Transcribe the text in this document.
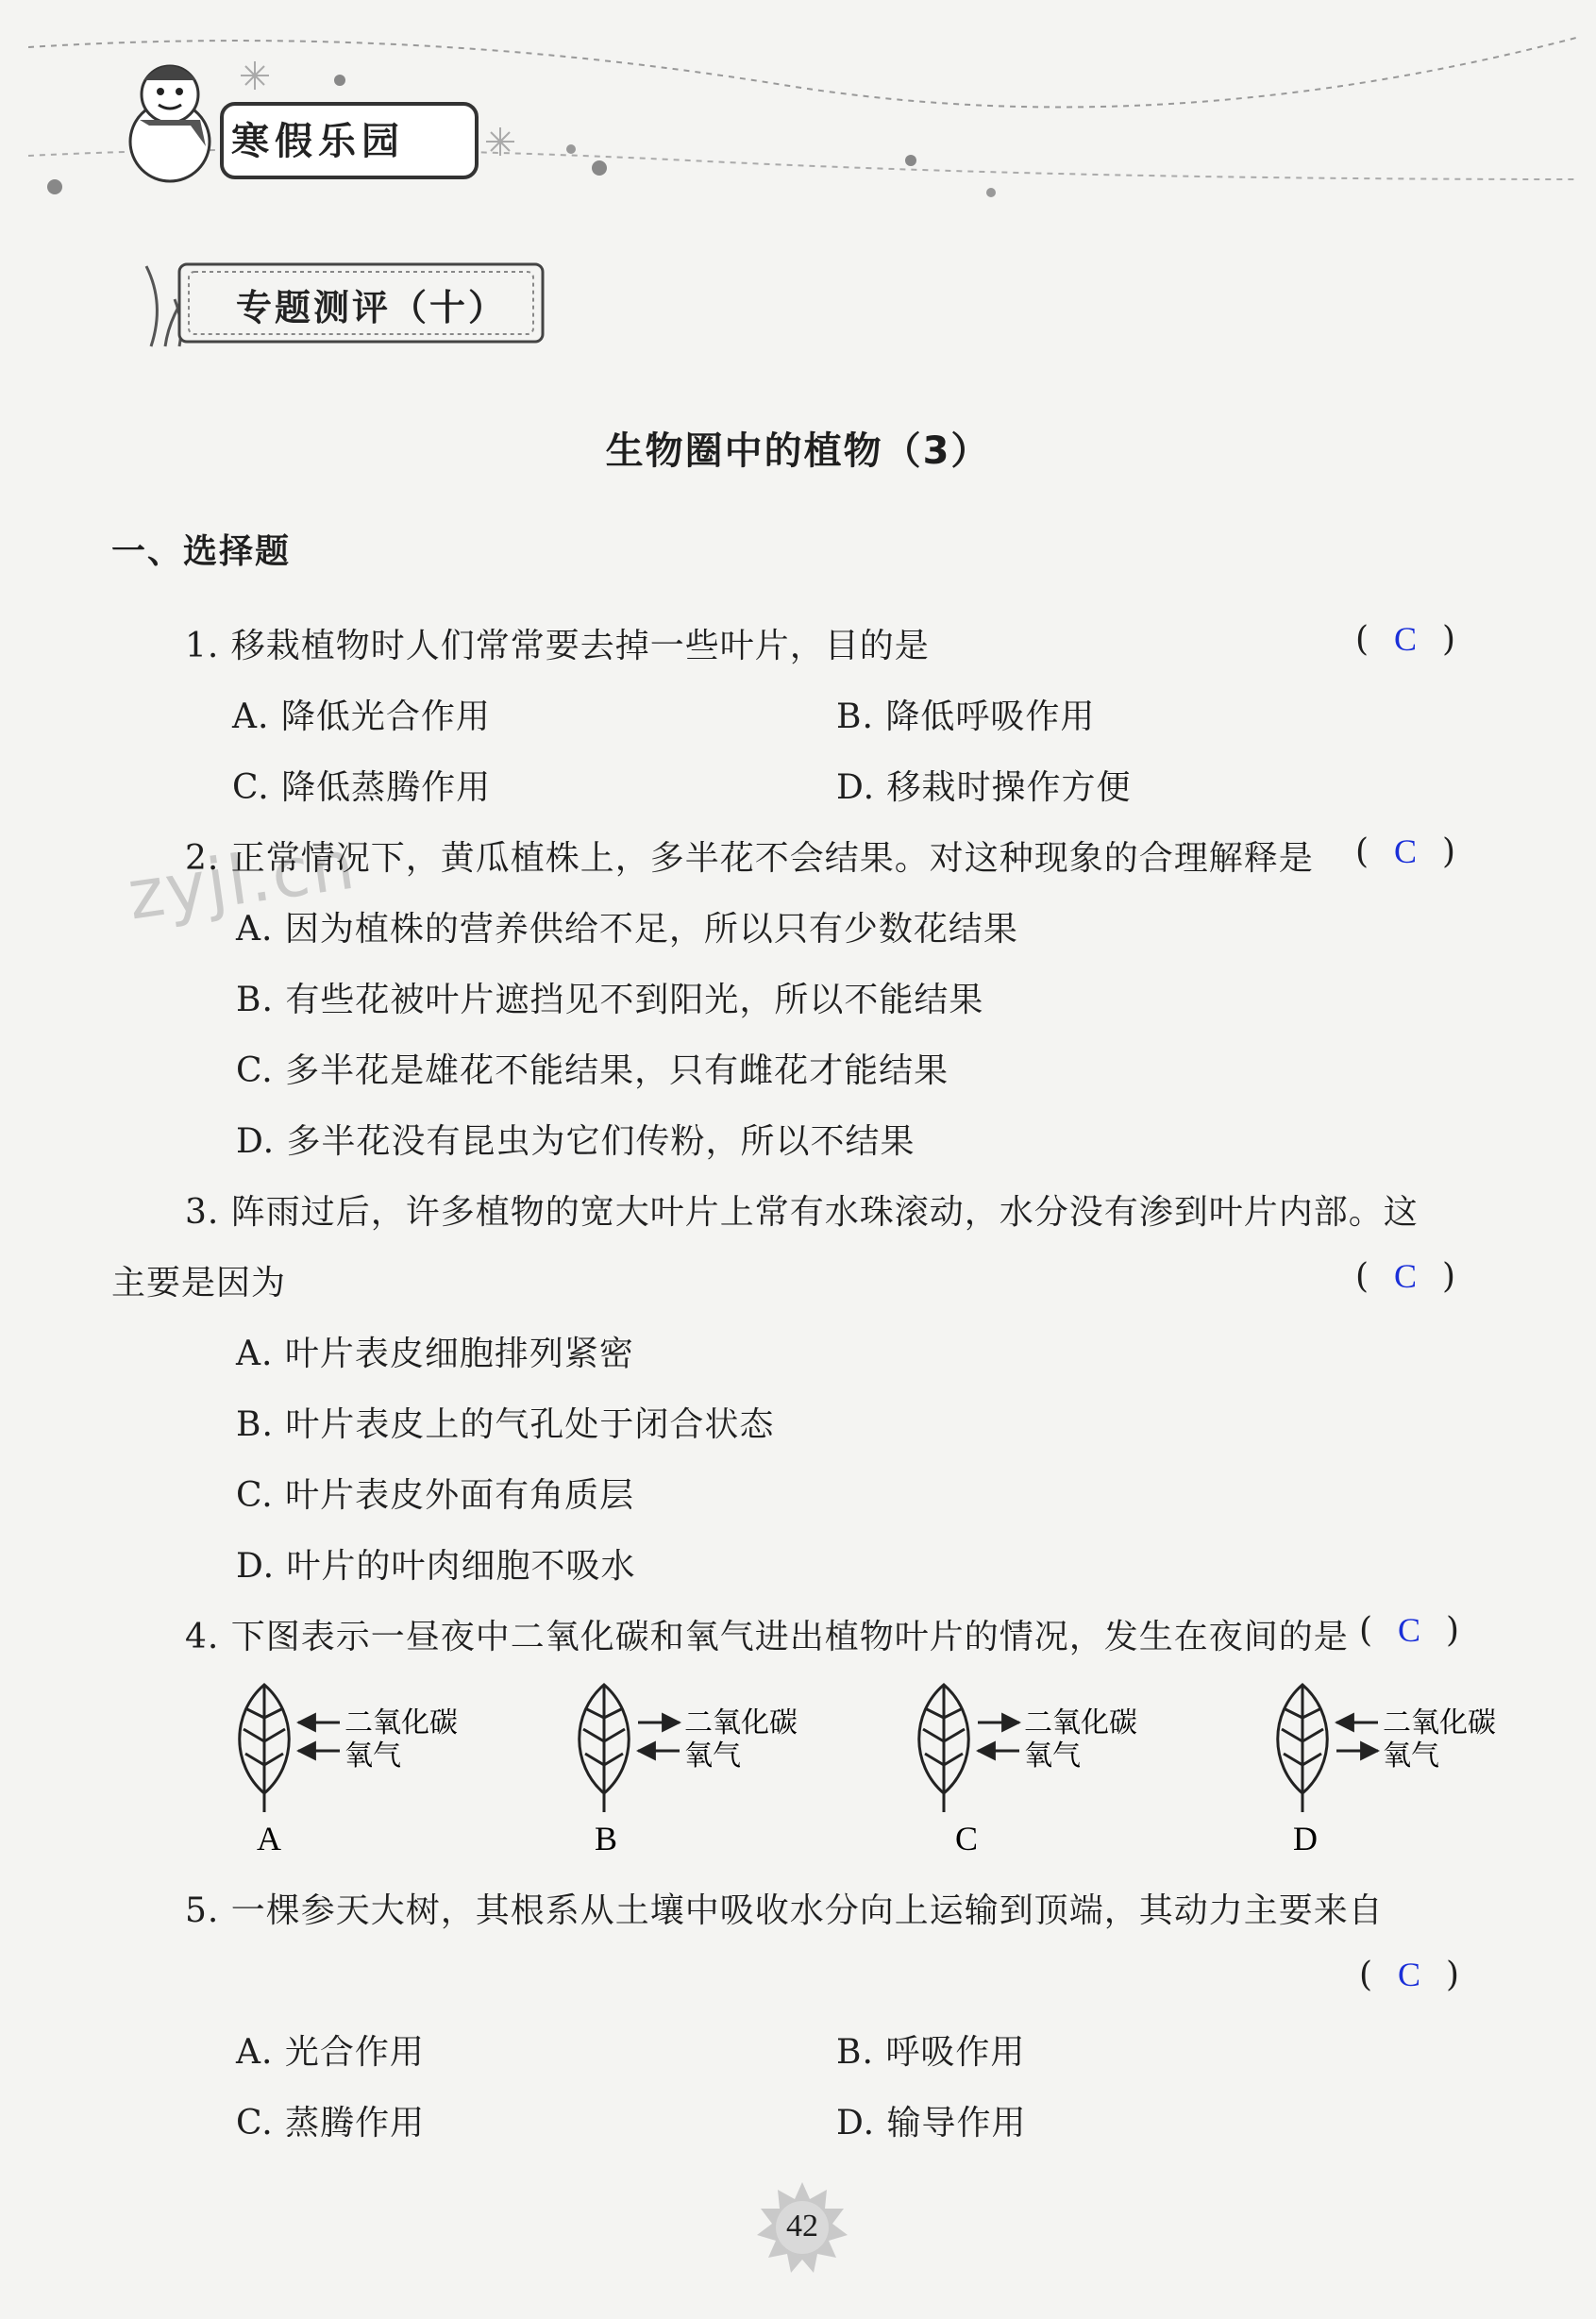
寒假乐园
专题测评（十）
生物圈中的植物（3）
一、选择题
zyjl.cn
1. 移栽植物时人们常常要去掉一些叶片，目的是	( C )
A. 降低光合作用	B. 降低呼吸作用
C. 降低蒸腾作用	D. 移栽时操作方便
2. 正常情况下，黄瓜植株上，多半花不会结果。对这种现象的合理解释是 ( C )
A. 因为植株的营养供给不足，所以只有少数花结果
B. 有些花被叶片遮挡见不到阳光，所以不能结果
C. 多半花是雄花不能结果，只有雌花才能结果
D. 多半花没有昆虫为它们传粉，所以不结果
3. 阵雨过后，许多植物的宽大叶片上常有水珠滚动，水分没有渗到叶片内部。这
主要是因为	( C )
A. 叶片表皮细胞排列紧密
B. 叶片表皮上的气孔处于闭合状态
C. 叶片表皮外面有角质层
D. 叶片的叶肉细胞不吸水
4. 下图表示一昼夜中二氧化碳和氧气进出植物叶片的情况，发生在夜间的是 ( C )
二氧化碳
氧气
A
二氧化碳
氧气
B
二氧化碳
氧气
C
二氧化碳
氧气
D
5. 一棵参天大树，其根系从土壤中吸收水分向上运输到顶端，其动力主要来自
( C )
A. 光合作用	B. 呼吸作用
C. 蒸腾作用	D. 输导作用
42
